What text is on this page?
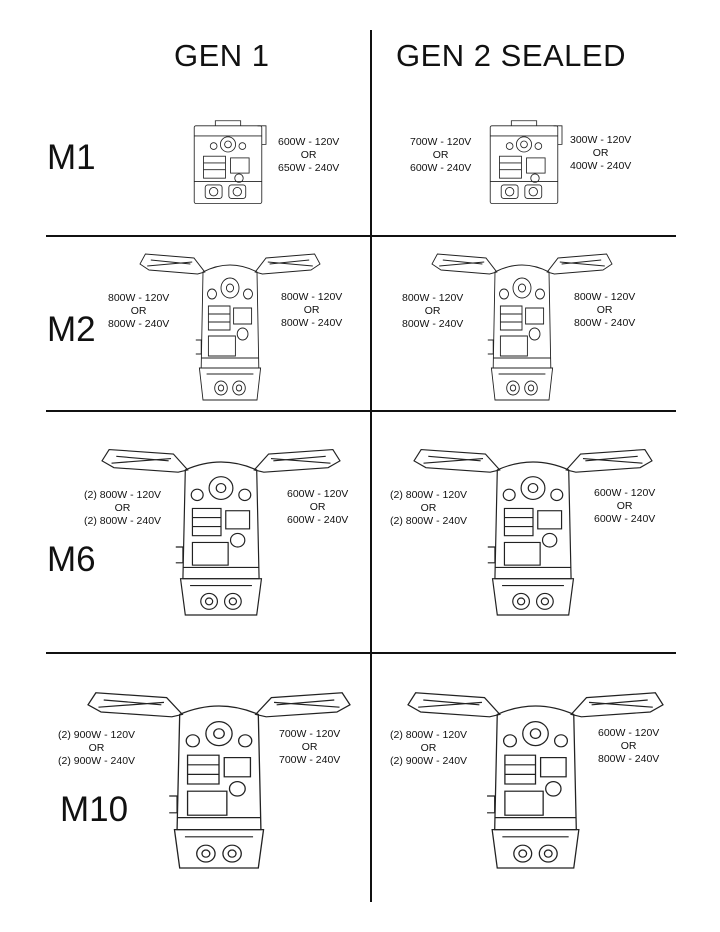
GEN 1	GEN 2 SEALED
M1
M2
M6
M10
600W - 120V
OR
650W - 240V
700W - 120V
OR
600W - 240V
300W - 120V
OR
400W - 240V
800W - 120V
OR
800W - 240V
800W - 120V
OR
800W - 240V
800W - 120V
OR
800W - 240V
800W - 120V
OR
800W - 240V
(2) 800W - 120V
OR
(2) 800W - 240V
600W - 120V
OR
600W - 240V
(2) 800W - 120V
OR
(2) 800W - 240V
600W - 120V
OR
600W - 240V
(2) 900W - 120V
OR
(2) 900W - 240V
700W - 120V
OR
700W - 240V
(2) 800W - 120V
OR
(2) 900W - 240V
600W - 120V
OR
800W - 240V
